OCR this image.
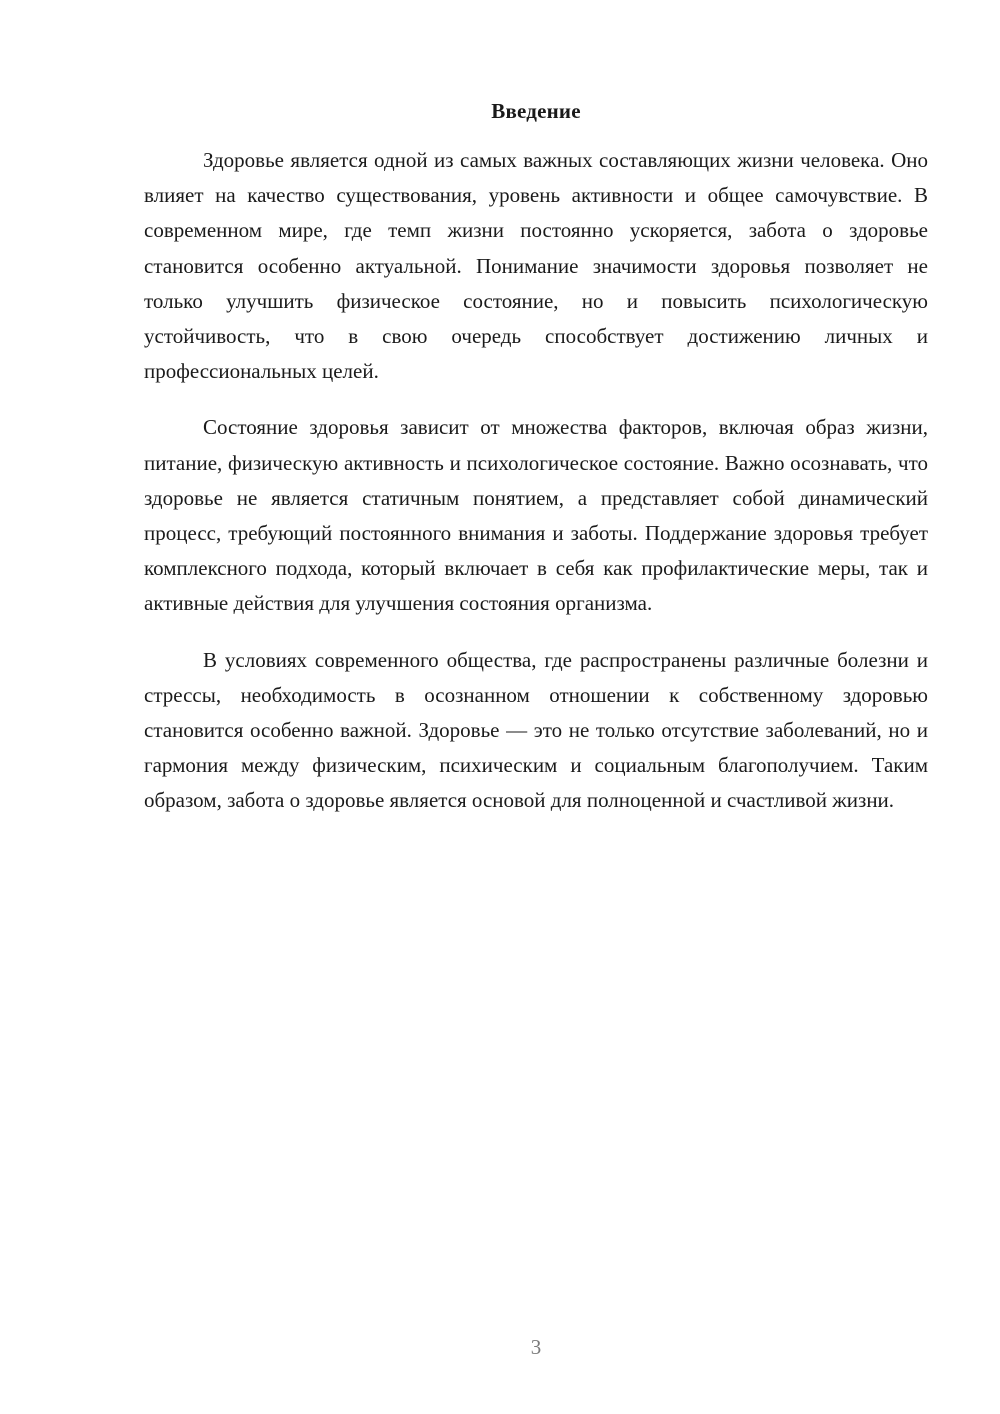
Введение

Здоровье является одной из самых важных составляющих жизни человека. Оно влияет на качество существования, уровень активности и общее самочувствие. В современном мире, где темп жизни постоянно ускоряется, забота о здоровье становится особенно актуальной. Понимание значимости здоровья позволяет не только улучшить физическое состояние, но и повысить психологическую устойчивость, что в свою очередь способствует достижению личных и профессиональных целей.

Состояние здоровья зависит от множества факторов, включая образ жизни, питание, физическую активность и психологическое состояние. Важно осознавать, что здоровье не является статичным понятием, а представляет собой динамический процесс, требующий постоянного внимания и заботы. Поддержание здоровья требует комплексного подхода, который включает в себя как профилактические меры, так и активные действия для улучшения состояния организма.

В условиях современного общества, где распространены различные болезни и стрессы, необходимость в осознанном отношении к собственному здоровью становится особенно важной. Здоровье — это не только отсутствие заболеваний, но и гармония между физическим, психическим и социальным благополучием. Таким образом, забота о здоровье является основой для полноценной и счастливой жизни.

3
